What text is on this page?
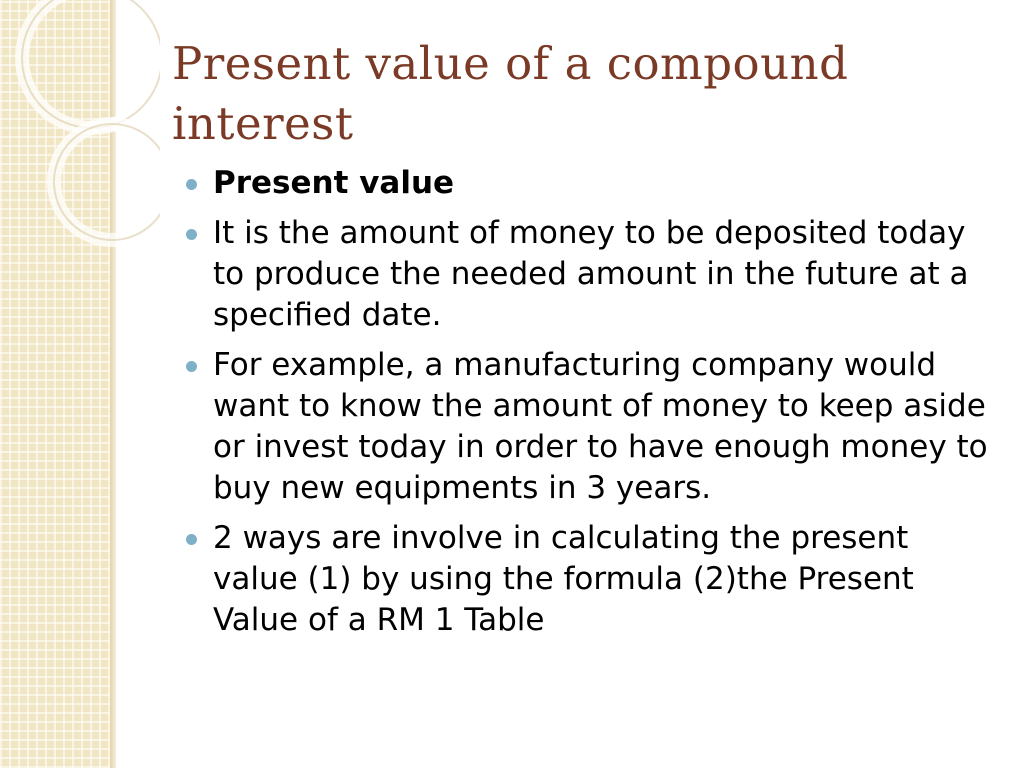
Present value of a compound interest
Present value
It is the amount of money to be deposited today to produce the needed amount in the future at a specified date.
For example, a manufacturing company would want to know the amount of money to keep aside or invest today in order to have enough money to buy new equipments in 3 years.
2 ways are involve in calculating the present value (1) by using the formula (2)the Present Value of a RM 1 Table
